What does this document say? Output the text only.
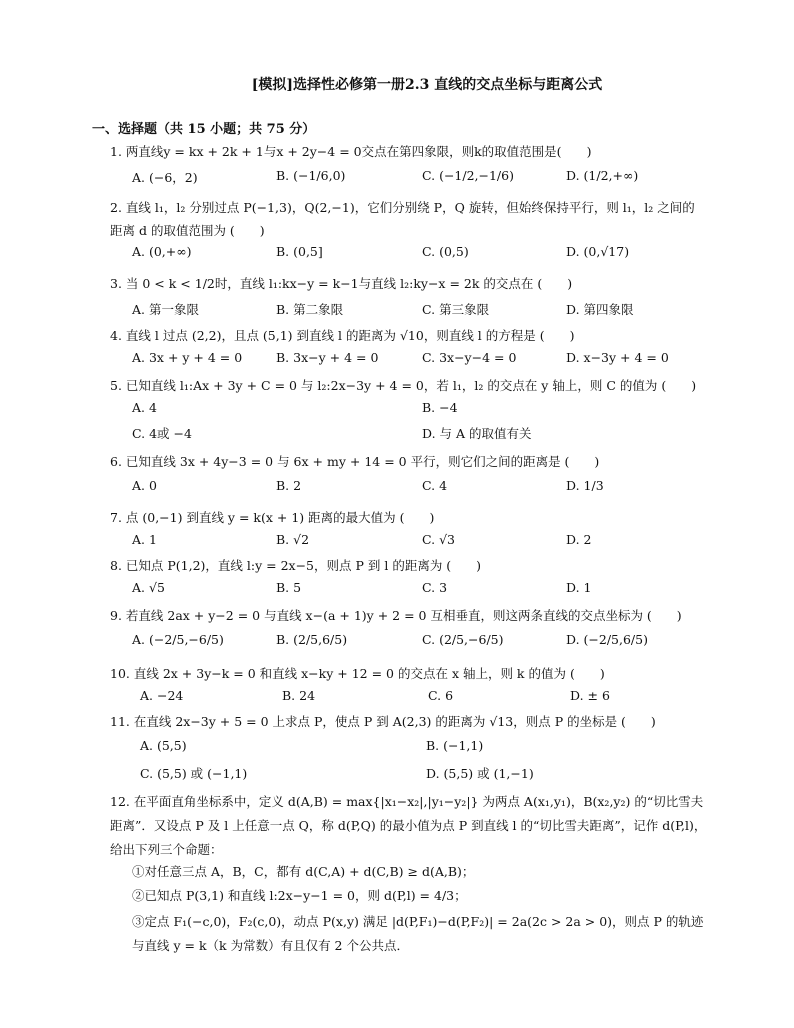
[模拟]选择性必修第一册2.3 直线的交点坐标与距离公式
一、选择题（共 15 小题；共 75 分）
1. 两直线y = kx + 2k + 1与x + 2y−4 = 0交点在第四象限，则k的取值范围是(　　)
A. (−6，2)	B. (−1/6,0)	C. (−1/2,−1/6)	D. (1/2,+∞)
2. 直线 l₁，l₂ 分别过点 P(−1,3)，Q(2,−1)，它们分别绕 P，Q 旋转，但始终保持平行，则 l₁，l₂ 之间的距离 d 的取值范围为 (　　)
A. (0,+∞)	B. (0,5]	C. (0,5)	D. (0,√17)
3. 当 0 < k < 1/2时，直线 l₁:kx−y = k−1与直线 l₂:ky−x = 2k 的交点在 (　　)
A. 第一象限	B. 第二象限	C. 第三象限	D. 第四象限
4. 直线 l 过点 (2,2)，且点 (5,1) 到直线 l 的距离为 √10，则直线 l 的方程是 (　　)
A. 3x + y + 4 = 0	B. 3x−y + 4 = 0	C. 3x−y−4 = 0	D. x−3y + 4 = 0
5. 已知直线 l₁:Ax + 3y + C = 0 与 l₂:2x−3y + 4 = 0，若 l₁，l₂ 的交点在 y 轴上，则 C 的值为 (　　)
A. 4	B. −4
C. 4或 −4	D. 与 A 的取值有关
6. 已知直线 3x + 4y−3 = 0 与 6x + my + 14 = 0 平行，则它们之间的距离是 (　　)
A. 0	B. 2	C. 4	D. 1/3
7. 点 (0,−1) 到直线 y = k(x + 1) 距离的最大值为 (　　)
A. 1	B. √2	C. √3	D. 2
8. 已知点 P(1,2)，直线 l:y = 2x−5，则点 P 到 l 的距离为 (　　)
A. √5	B. 5	C. 3	D. 1
9. 若直线 2ax + y−2 = 0 与直线 x−(a + 1)y + 2 = 0 互相垂直，则这两条直线的交点坐标为 (　　)
A. (−2/5,−6/5)	B. (2/5,6/5)	C. (2/5,−6/5)	D. (−2/5,6/5)
10. 直线 2x + 3y−k = 0 和直线 x−ky + 12 = 0 的交点在 x 轴上，则 k 的值为 (　　)
A. −24	B. 24	C. 6	D. ± 6
11. 在直线 2x−3y + 5 = 0 上求点 P，使点 P 到 A(2,3) 的距离为 √13，则点 P 的坐标是 (　　)
A. (5,5)	B. (−1,1)
C. (5,5) 或 (−1,1)	D. (5,5) 或 (1,−1)
12. 在平面直角坐标系中，定义 d(A,B) = max{|x₁−x₂|,|y₁−y₂|} 为两点 A(x₁,y₁)，B(x₂,y₂) 的“切比雪夫距离”．又设点 P 及 l 上任意一点 Q，称 d(P,Q) 的最小值为点 P 到直线 l 的“切比雪夫距离”，记作 d(P,l)，给出下列三个命题：
①对任意三点 A，B，C，都有 d(C,A) + d(C,B) ≥ d(A,B)；
②已知点 P(3,1) 和直线 l:2x−y−1 = 0，则 d(P,l) = 4/3；
③定点 F₁(−c,0)，F₂(c,0)，动点 P(x,y) 满足 |d(P,F₁)−d(P,F₂)| = 2a(2c > 2a > 0)，则点 P 的轨迹与直线 y = k（k 为常数）有且仅有 2 个公共点．
